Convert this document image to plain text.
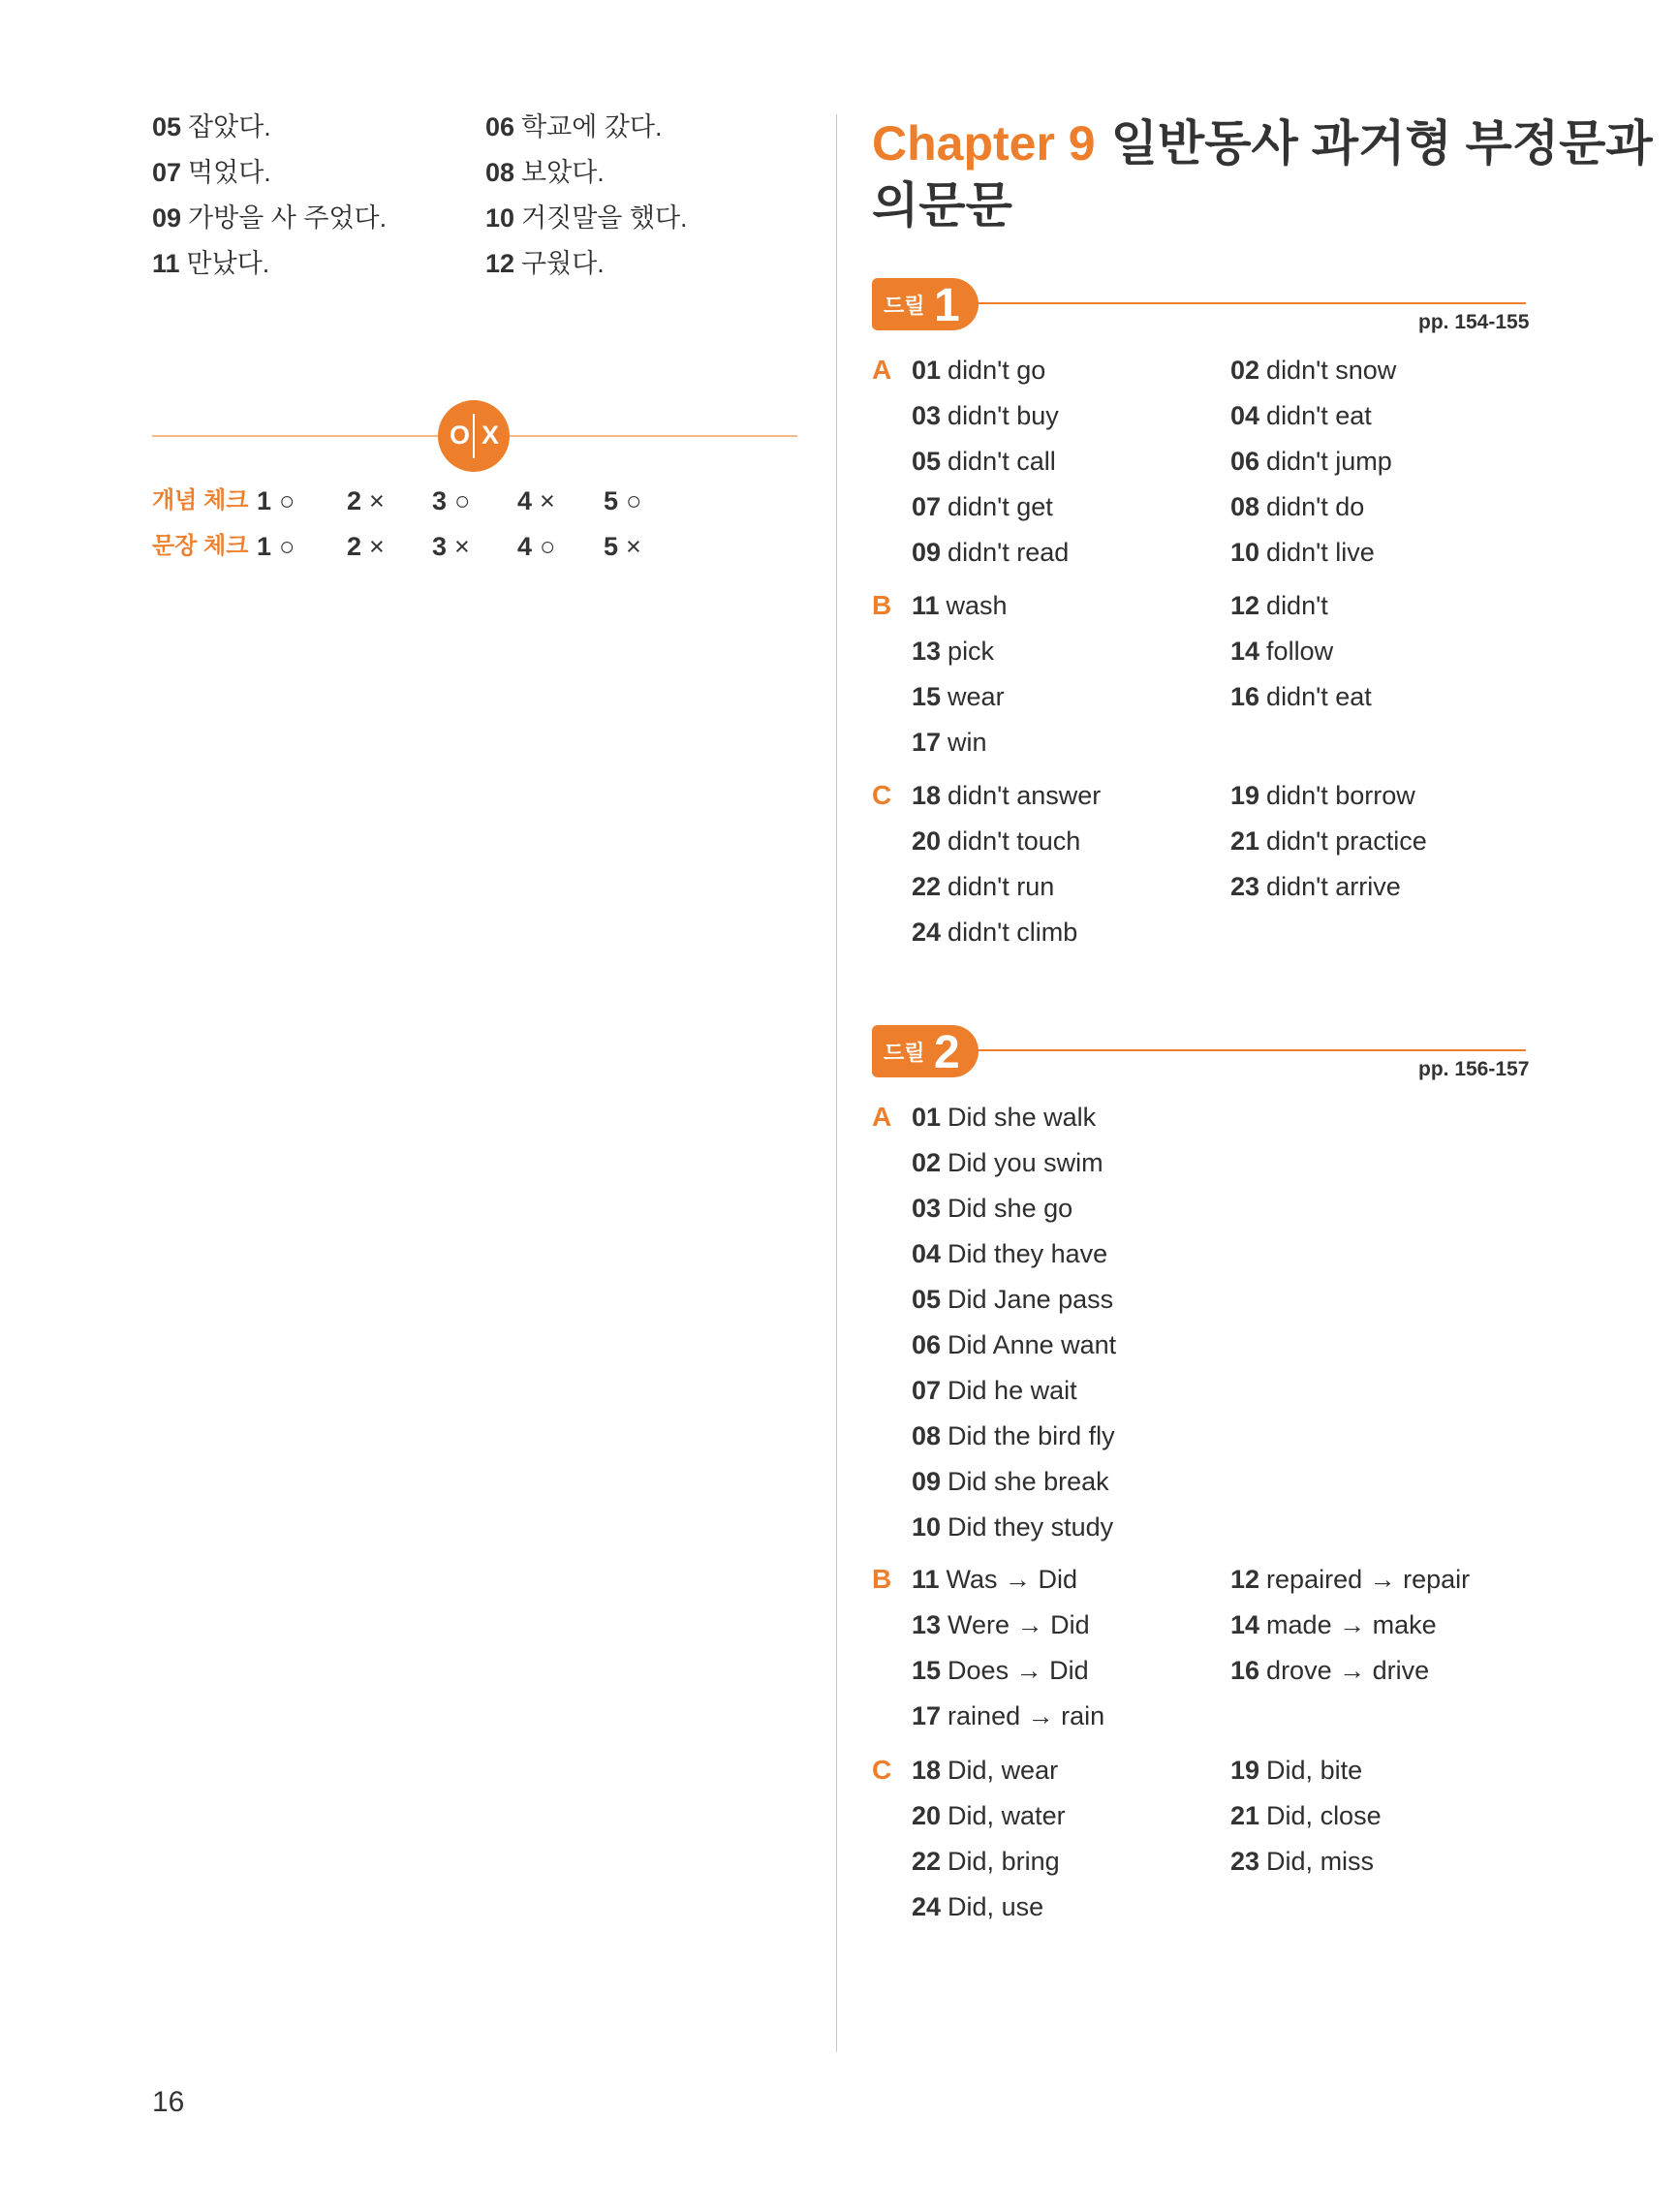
05 잡았다.	06 학교에 갔다.
07 먹었다.	08 보았다.
09 가방을 사 주었다.	10 거짓말을 했다.
11 만났다.	12 구웠다.
O X
개념 체크 1 ○ 2 × 3 ○ 4 × 5 ○
문장 체크 1 ○ 2 × 3 × 4 ○ 5 ×
Chapter 9 일반동사 과거형 부정문과
의문문
드릴 1	pp. 154-155
A 01 didn't go	02 didn't snow
03 didn't buy	04 didn't eat
05 didn't call	06 didn't jump
07 didn't get	08 didn't do
09 didn't read	10 didn't live
B 11 wash	12 didn't
13 pick	14 follow
15 wear	16 didn't eat
17 win
C 18 didn't answer	19 didn't borrow
20 didn't touch	21 didn't practice
22 didn't run	23 didn't arrive
24 didn't climb
드릴 2	pp. 156-157
A 01 Did she walk
02 Did you swim
03 Did she go
04 Did they have
05 Did Jane pass
06 Did Anne want
07 Did he wait
08 Did the bird fly
09 Did she break
10 Did they study
B 11 Was → Did	12 repaired → repair
13 Were → Did	14 made → make
15 Does → Did	16 drove → drive
17 rained → rain
C 18 Did, wear	19 Did, bite
20 Did, water	21 Did, close
22 Did, bring	23 Did, miss
24 Did, use
16
